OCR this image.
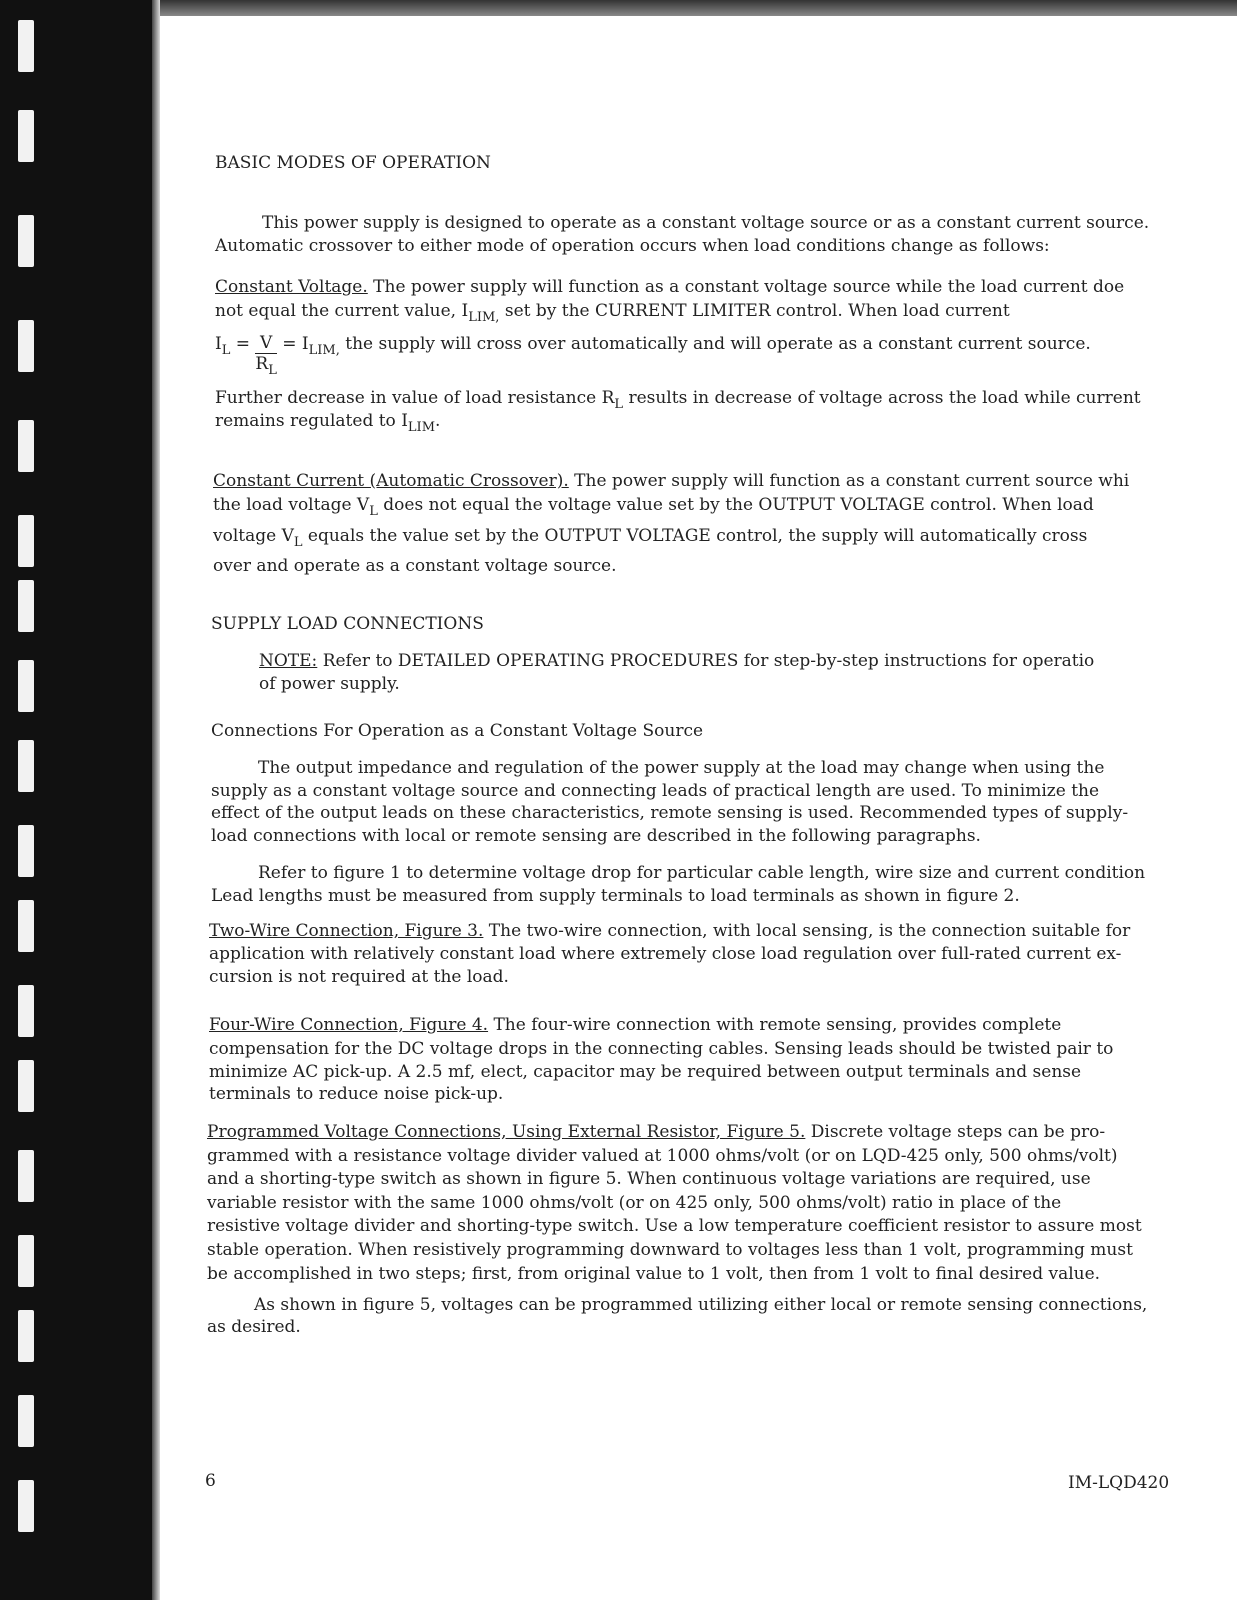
BASIC MODES OF OPERATION
This power supply is designed to operate as a constant voltage source or as a constant current source.
Automatic crossover to either mode of operation occurs when load conditions change as follows:
Constant Voltage. The power supply will function as a constant voltage source while the load current doe
not equal the current value, $I_{LIM,}$ set by the CURRENT LIMITER control. When load current
$I_L = \frac{V}{R_L} = I_{LIM,}$ the supply will cross over automatically and will operate as a constant current source.
Further decrease in value of load resistance $R_L$ results in decrease of voltage across the load while current
remains regulated to $I_{LIM}$.
Constant Current (Automatic Crossover). The power supply will function as a constant current source whi
the load voltage $V_L$ does not equal the voltage value set by the OUTPUT VOLTAGE control. When load
voltage $V_L$ equals the value set by the OUTPUT VOLTAGE control, the supply will automatically cross
over and operate as a constant voltage source.
SUPPLY LOAD CONNECTIONS
NOTE: Refer to DETAILED OPERATING PROCEDURES for step-by-step instructions for operatio
of power supply.
Connections For Operation as a Constant Voltage Source
The output impedance and regulation of the power supply at the load may change when using the
supply as a constant voltage source and connecting leads of practical length are used. To minimize the
effect of the output leads on these characteristics, remote sensing is used. Recommended types of supply-
load connections with local or remote sensing are described in the following paragraphs.
Refer to figure 1 to determine voltage drop for particular cable length, wire size and current condition
Lead lengths must be measured from supply terminals to load terminals as shown in figure 2.
Two-Wire Connection, Figure 3. The two-wire connection, with local sensing, is the connection suitable for
application with relatively constant load where extremely close load regulation over full-rated current ex-
cursion is not required at the load.
Four-Wire Connection, Figure 4. The four-wire connection with remote sensing, provides complete
compensation for the DC voltage drops in the connecting cables. Sensing leads should be twisted pair to
minimize AC pick-up. A 2.5 mf, elect, capacitor may be required between output terminals and sense
terminals to reduce noise pick-up.
Programmed Voltage Connections, Using External Resistor, Figure 5. Discrete voltage steps can be pro-
grammed with a resistance voltage divider valued at 1000 ohms/volt (or on LQD-425 only, 500 ohms/volt)
and a shorting-type switch as shown in figure 5. When continuous voltage variations are required, use
variable resistor with the same 1000 ohms/volt (or on 425 only, 500 ohms/volt) ratio in place of the
resistive voltage divider and shorting-type switch. Use a low temperature coefficient resistor to assure most
stable operation. When resistively programming downward to voltages less than 1 volt, programming must
be accomplished in two steps; first, from original value to 1 volt, then from 1 volt to final desired value.
As shown in figure 5, voltages can be programmed utilizing either local or remote sensing connections,
as desired.
6	IM-LQD420
